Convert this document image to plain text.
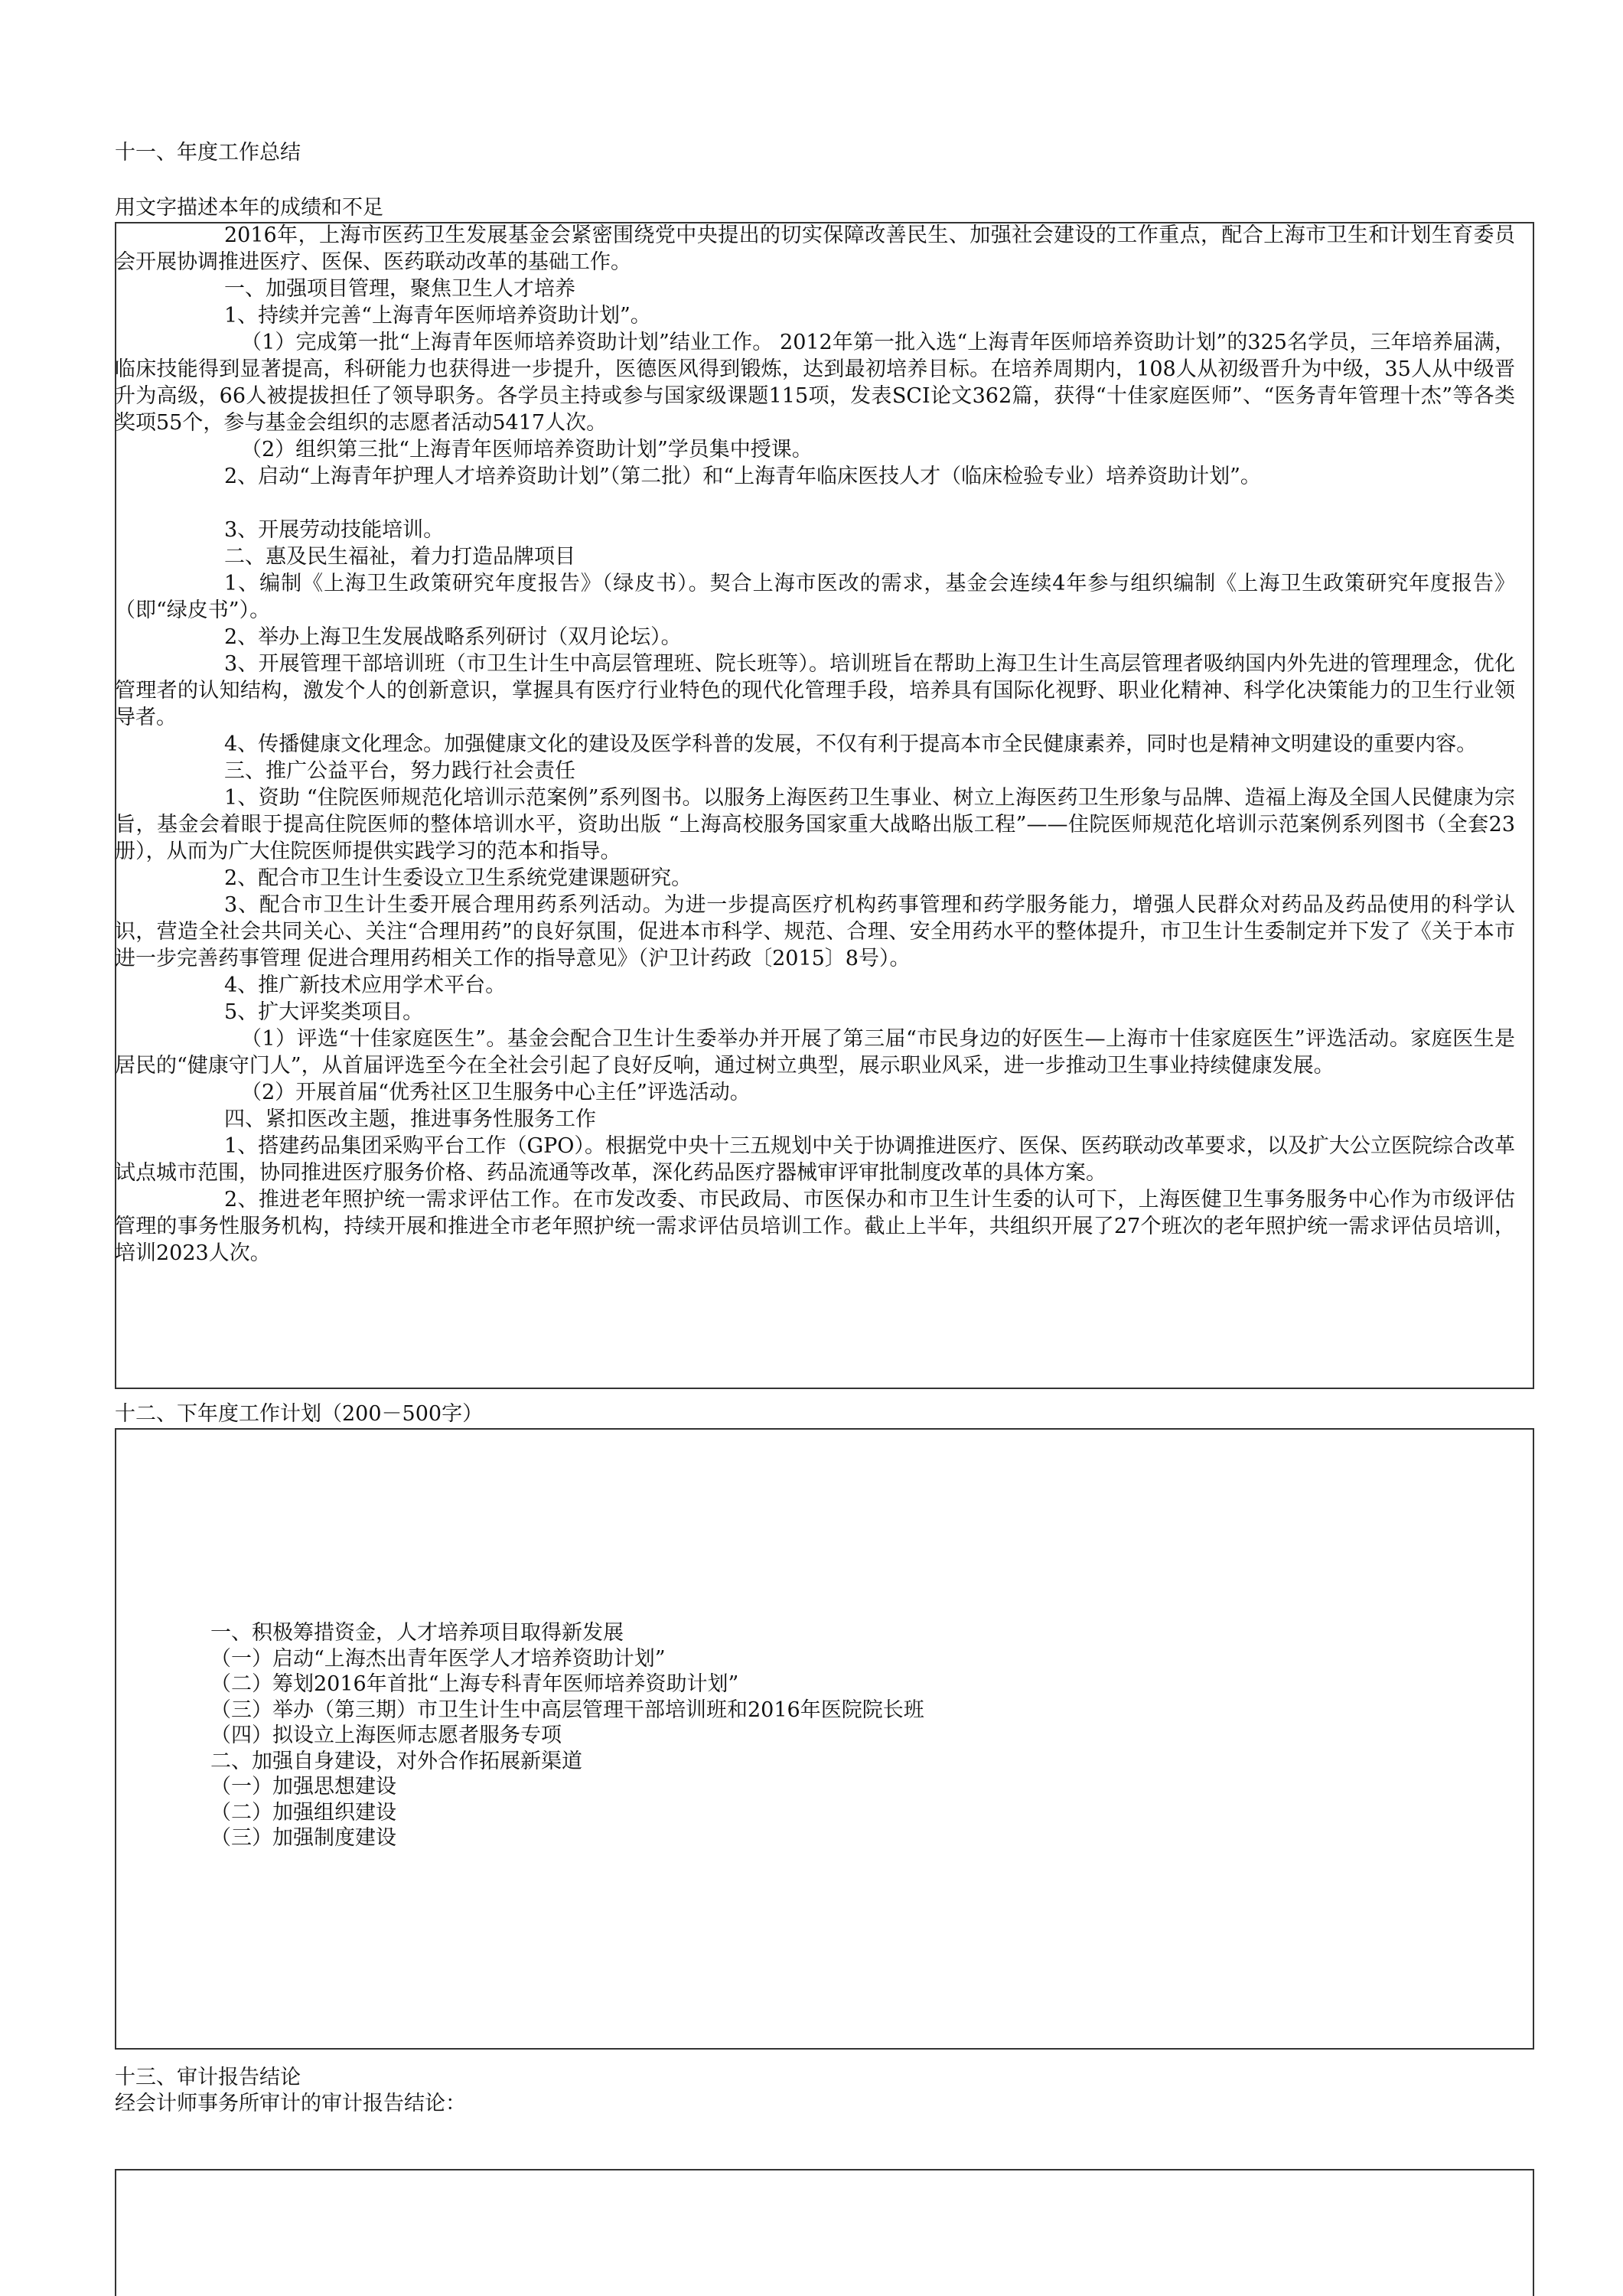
十一、年度工作总结
用文字描述本年的成绩和不足

2016年，上海市医药卫生发展基金会紧密围绕党中央提出的切实保障改善民生、加强社会建设的工作重点，配合上海市卫生和计划生育委员会开展协调推进医疗、医保、医药联动改革的基础工作。

一、加强项目管理，聚焦卫生人才培养

1、持续并完善“上海青年医师培养资助计划”。

（1）完成第一批“上海青年医师培养资助计划”结业工作。 2012年第一批入选“上海青年医师培养资助计划”的325名学员，三年培养届满，临床技能得到显著提高，科研能力也获得进一步提升，医德医风得到锻炼，达到最初培养目标。在培养周期内，108人从初级晋升为中级，35人从中级晋升为高级，66人被提拔担任了领导职务。各学员主持或参与国家级课题115项，发表SCI论文362篇，获得“十佳家庭医师”、“医务青年管理十杰”等各类奖项55个，参与基金会组织的志愿者活动5417人次。

（2）组织第三批“上海青年医师培养资助计划”学员集中授课。

2、启动“上海青年护理人才培养资助计划”（第二批）和“上海青年临床医技人才（临床检验专业）培养资助计划”。

3、开展劳动技能培训。

二、惠及民生福祉，着力打造品牌项目

1、编制《上海卫生政策研究年度报告》（绿皮书）。契合上海市医改的需求，基金会连续4年参与组织编制《上海卫生政策研究年度报告》（即“绿皮书”）。

2、举办上海卫生发展战略系列研讨（双月论坛）。

3、开展管理干部培训班（市卫生计生中高层管理班、院长班等）。培训班旨在帮助上海卫生计生高层管理者吸纳国内外先进的管理理念，优化管理者的认知结构，激发个人的创新意识，掌握具有医疗行业特色的现代化管理手段，培养具有国际化视野、职业化精神、科学化决策能力的卫生行业领导者。

4、传播健康文化理念。加强健康文化的建设及医学科普的发展，不仅有利于提高本市全民健康素养，同时也是精神文明建设的重要内容。

三、推广公益平台，努力践行社会责任

1、资助 “住院医师规范化培训示范案例”系列图书。以服务上海医药卫生事业、树立上海医药卫生形象与品牌、造福上海及全国人民健康为宗旨，基金会着眼于提高住院医师的整体培训水平，资助出版 “上海高校服务国家重大战略出版工程”——住院医师规范化培训示范案例系列图书（全套23册），从而为广大住院医师提供实践学习的范本和指导。

2、配合市卫生计生委设立卫生系统党建课题研究。

3、配合市卫生计生委开展合理用药系列活动。为进一步提高医疗机构药事管理和药学服务能力，增强人民群众对药品及药品使用的科学认识，营造全社会共同关心、关注“合理用药”的良好氛围，促进本市科学、规范、合理、安全用药水平的整体提升，市卫生计生委制定并下发了《关于本市进一步完善药事管理 促进合理用药相关工作的指导意见》（沪卫计药政〔2015〕8号）。

4、推广新技术应用学术平台。

5、扩大评奖类项目。

（1）评选“十佳家庭医生”。基金会配合卫生计生委举办并开展了第三届“市民身边的好医生—上海市十佳家庭医生”评选活动。家庭医生是居民的“健康守门人”，从首届评选至今在全社会引起了良好反响，通过树立典型，展示职业风采，进一步推动卫生事业持续健康发展。

（2）开展首届“优秀社区卫生服务中心主任”评选活动。

四、紧扣医改主题，推进事务性服务工作

1、搭建药品集团采购平台工作（GPO）。根据党中央十三五规划中关于协调推进医疗、医保、医药联动改革要求，以及扩大公立医院综合改革试点城市范围，协同推进医疗服务价格、药品流通等改革，深化药品医疗器械审评审批制度改革的具体方案。

2、推进老年照护统一需求评估工作。在市发改委、市民政局、市医保办和市卫生计生委的认可下，上海医健卫生事务服务中心作为市级评估管理的事务性服务机构，持续开展和推进全市老年照护统一需求评估员培训工作。截止上半年，共组织开展了27个班次的老年照护统一需求评估员培训，培训2023人次。

十二、下年度工作计划（200－500字）

一、积极筹措资金，人才培养项目取得新发展

（一）启动“上海杰出青年医学人才培养资助计划”

（二）筹划2016年首批“上海专科青年医师培养资助计划”

（三）举办（第三期）市卫生计生中高层管理干部培训班和2016年医院院长班

（四）拟设立上海医师志愿者服务专项

二、加强自身建设，对外合作拓展新渠道

（一）加强思想建设

（二）加强组织建设

（三）加强制度建设

十三、审计报告结论
经会计师事务所审计的审计报告结论：
